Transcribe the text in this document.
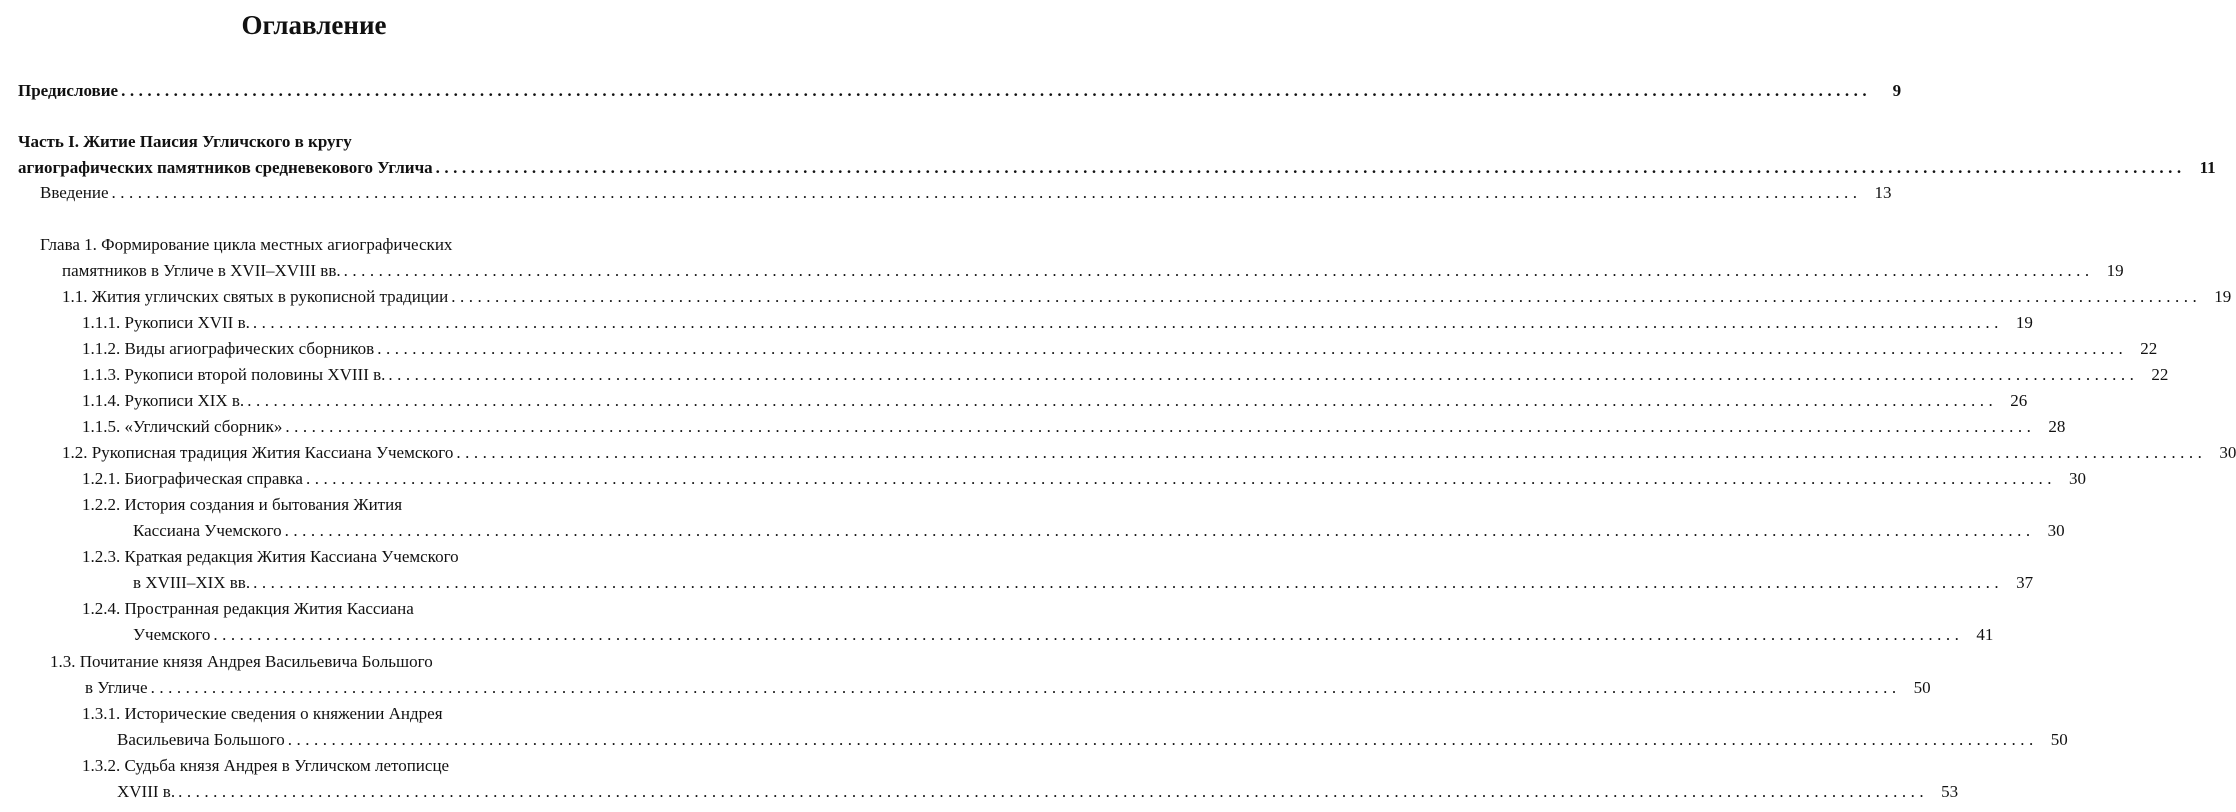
Оглавление
Предисловие ........................................................................................................................................................................................................	9
Часть I. Житие Паисия Угличского в кругу
агиографических памятников средневекового Углича ........................................................................................................................................................................................................ 11
Введение ........................................................................................................................................................................................................ 13
Глава 1. Формирование цикла местных агиографических
памятников в Угличе в XVII–XVIII вв. ........................................................................................................................................................................................................ 19
1.1. Жития угличских святых в рукописной традиции ........................................................................................................................................................................................................ 19
1.1.1. Рукописи XVII в. ........................................................................................................................................................................................................ 19
1.1.2. Виды агиографических сборников ........................................................................................................................................................................................................ 22
1.1.3. Рукописи второй половины XVIII в. ........................................................................................................................................................................................................ 22
1.1.4. Рукописи XIX в. ........................................................................................................................................................................................................ 26
1.1.5. «Угличский сборник» ........................................................................................................................................................................................................ 28
1.2. Рукописная традиция Жития Кассиана Учемского ........................................................................................................................................................................................................ 30
1.2.1. Биографическая справка ........................................................................................................................................................................................................ 30
1.2.2. История создания и бытования Жития
Кассиана Учемского ........................................................................................................................................................................................................ 30
1.2.3. Краткая редакция Жития Кассиана Учемского
в XVIII–XIX вв. ........................................................................................................................................................................................................ 37
1.2.4. Пространная редакция Жития Кассиана
Учемского ........................................................................................................................................................................................................ 41
1.3. Почитание князя Андрея Васильевича Большого
в Угличе ........................................................................................................................................................................................................ 50
1.3.1. Исторические сведения о княжении Андрея
Васильевича Большого ........................................................................................................................................................................................................ 50
1.3.2. Судьба князя Андрея в Угличском летописце
XVIII в. ........................................................................................................................................................................................................ 53
